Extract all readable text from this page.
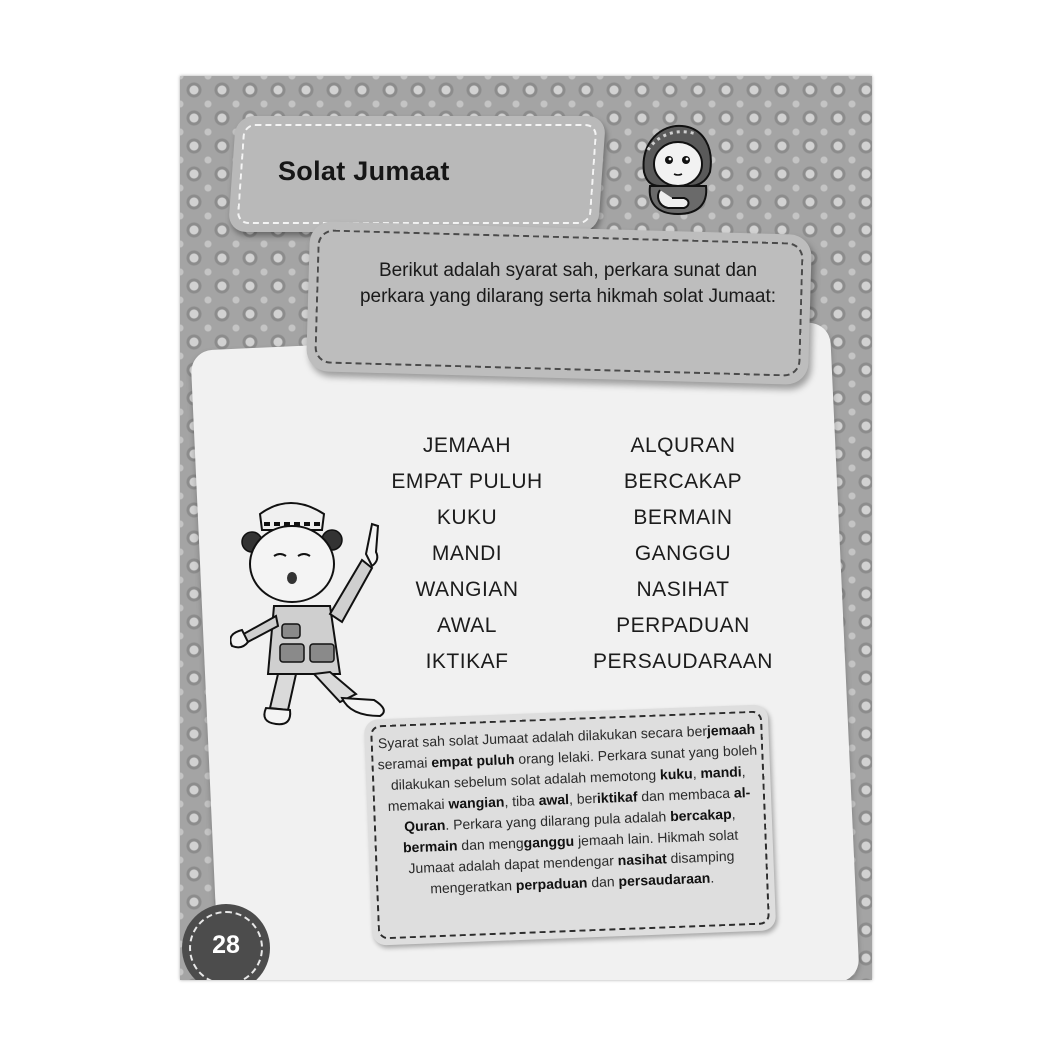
Solat Jumaat
Berikut adalah syarat sah, perkara sunat dan perkara yang dilarang serta hikmah solat Jumaat:
JEMAAH
EMPAT PULUH
KUKU
MANDI
WANGIAN
AWAL
IKTIKAF
ALQURAN
BERCAKAP
BERMAIN
GANGGU
NASIHAT
PERPADUAN
PERSAUDARAAN
Syarat sah solat Jumaat adalah dilakukan secara berjemaah seramai empat puluh orang lelaki. Perkara sunat yang boleh dilakukan sebelum solat adalah memotong kuku, mandi, memakai wangian, tiba awal, beriktikaf dan membaca al-Quran. Perkara yang dilarang pula adalah bercakap, bermain dan mengganggu jemaah lain. Hikmah solat Jumaat adalah dapat mendengar nasihat disamping mengeratkan perpaduan dan persaudaraan.
28
